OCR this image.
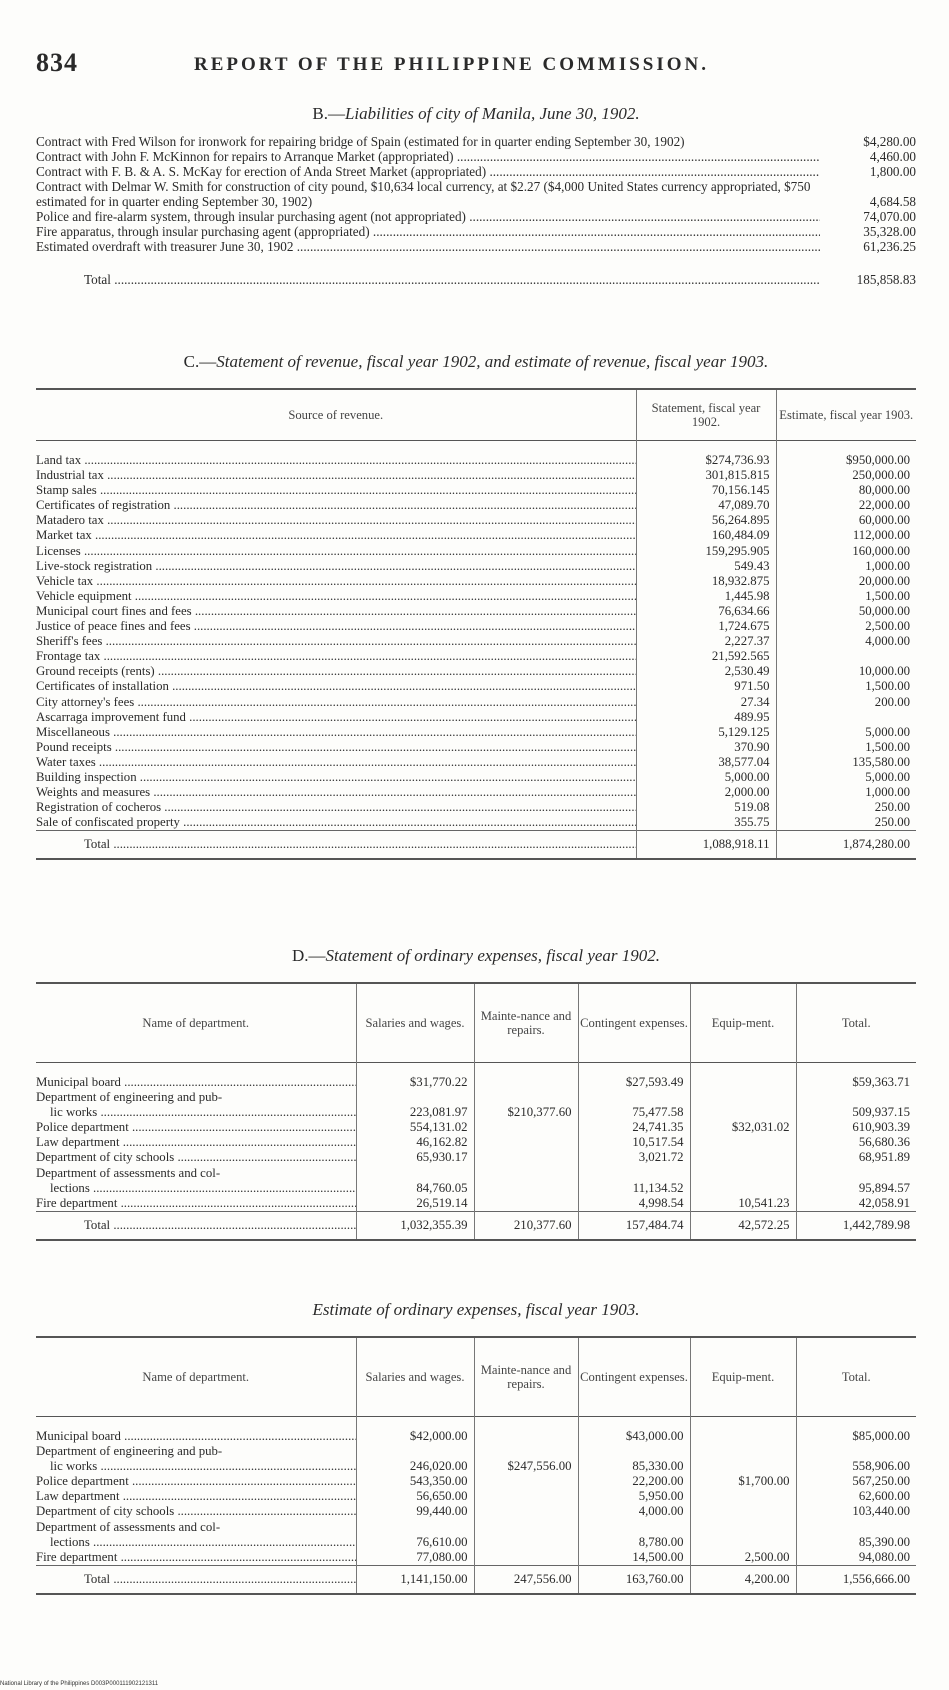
834	REPORT OF THE PHILIPPINE COMMISSION.
B.—Liabilities of city of Manila, June 30, 1902.
Contract with Fred Wilson for ironwork for repairing bridge of Spain (estimated for in quarter ending September 30, 1902)	$4,280.00
Contract with John F. McKinnon for repairs to Arranque Market (appropriated) .....	4,460.00
Contract with F. B. & A. S. McKay for erection of Anda Street Market (appropriated) .....	1,800.00
Contract with Delmar W. Smith for construction of city pound, $10,634 local currency, at $2.27 ($4,000 United States currency appropriated, $750 estimated for in quarter ending September 30, 1902)	4,684.58
Police and fire-alarm system, through insular purchasing agent (not appropriated) .....	74,070.00
Fire apparatus, through insular purchasing agent (appropriated) .....	35,328.00
Estimated overdraft with treasurer June 30, 1902 .....	61,236.25
Total .....	185,858.83
C.—Statement of revenue, fiscal year 1902, and estimate of revenue, fiscal year 1903.
Source of revenue.	Statement, fiscal year 1902.	Estimate, fiscal year 1903.

Land tax .....	$274,736.93	$950,000.00
Industrial tax .....	301,815.815	250,000.00
Stamp sales .....	70,156.145	80,000.00
Certificates of registration .....	47,089.70	22,000.00
Matadero tax .....	56,264.895	60,000.00
Market tax .....	160,484.09	112,000.00
Licenses .....	159,295.905	160,000.00
Live-stock registration .....	549.43	1,000.00
Vehicle tax .....	18,932.875	20,000.00
Vehicle equipment .....	1,445.98	1,500.00
Municipal court fines and fees .....	76,634.66	50,000.00
Justice of peace fines and fees .....	1,724.675	2,500.00
Sheriff's fees .....	2,227.37	4,000.00
Frontage tax .....	21,592.565	
Ground receipts (rents) .....	2,530.49	10,000.00
Certificates of installation .....	971.50	1,500.00
City attorney's fees .....	27.34	200.00
Ascarraga improvement fund .....	489.95	
Miscellaneous .....	5,129.125	5,000.00
Pound receipts .....	370.90	1,500.00
Water taxes .....	38,577.04	135,580.00
Building inspection .....	5,000.00	5,000.00
Weights and measures .....	2,000.00	1,000.00
Registration of cocheros .....	519.08	250.00
Sale of confiscated property .....	355.75	250.00
Total .....	1,088,918.11	1,874,280.00
D.—Statement of ordinary expenses, fiscal year 1902.
Name of department.	Salaries and wages.	Mainte-nance and repairs.	Contingent expenses.	Equip-ment.	Total.

Municipal board .....	$31,770.22		$27,593.49		$59,363.71

Department of engineering and pub-
lic works .....	223,081.97	$210,377.60	75,477.58		509,937.15

Police department .....	554,131.02		24,741.35	$32,031.02	610,903.39

Law department .....	46,162.82		10,517.54		56,680.36

Department of city schools .....	65,930.17		3,021.72		68,951.89

Department of assessments and col-
lections .....	84,760.05		11,134.52		95,894.57

Fire department .....	26,519.14		4,998.54	10,541.23	42,058.91
Total .....	1,032,355.39	210,377.60	157,484.74	42,572.25	1,442,789.98
Estimate of ordinary expenses, fiscal year 1903.
Name of department.	Salaries and wages.	Mainte-nance and repairs.	Contingent expenses.	Equip-ment.	Total.

Municipal board .....	$42,000.00		$43,000.00		$85,000.00

Department of engineering and pub-
lic works .....	246,020.00	$247,556.00	85,330.00		558,906.00

Police department .....	543,350.00		22,200.00	$1,700.00	567,250.00

Law department .....	56,650.00		5,950.00		62,600.00

Department of city schools .....	99,440.00		4,000.00		103,440.00

Department of assessments and col-
lections .....	76,610.00		8,780.00		85,390.00

Fire department .....	77,080.00		14,500.00	2,500.00	94,080.00
Total .....	1,141,150.00	247,556.00	163,760.00	4,200.00	1,556,666.00
National Library of the Philippines D003P000111902121311
